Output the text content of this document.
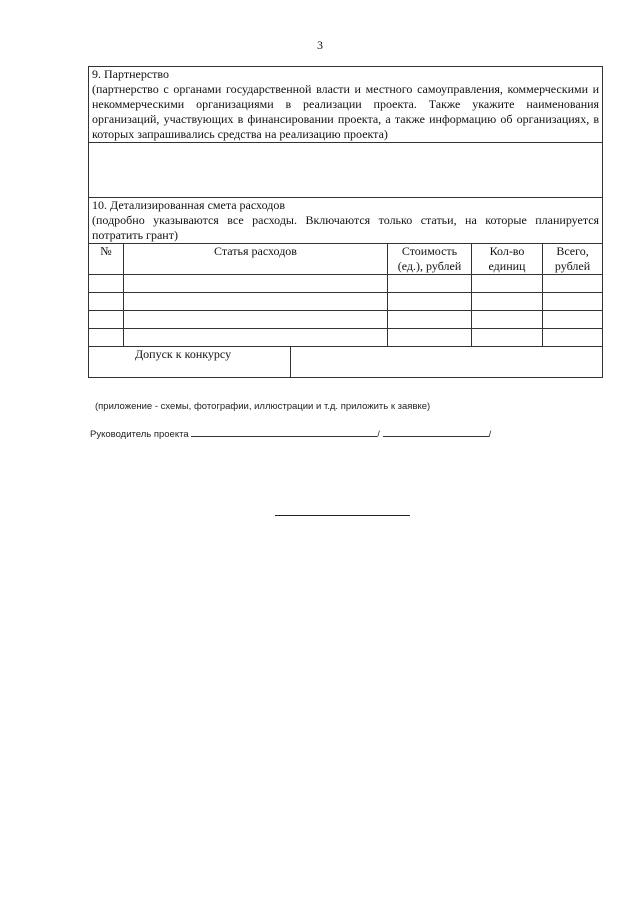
3
9. Партнерство
(партнерство с органами государственной власти и местного самоуправления, коммерческими и некоммерческими организациями в реализации проекта. Также укажите наименования организаций, участвующих в финансировании проекта, а также информацию об организациях, в которых запрашивались средства на реализацию проекта)					

10. Детализированная смета расходов
(подробно указываются все расходы. Включаются только статьи, на которые планируется потратить грант)					

№	Статья расходов		Стоимость (ед.), рублей	Кол-во единиц	Всего, рублей

Допуск к конкурсу					
(приложение - схемы, фотографии, иллюстрации и т.д. приложить к заявке)
Руководитель проекта	/	/
